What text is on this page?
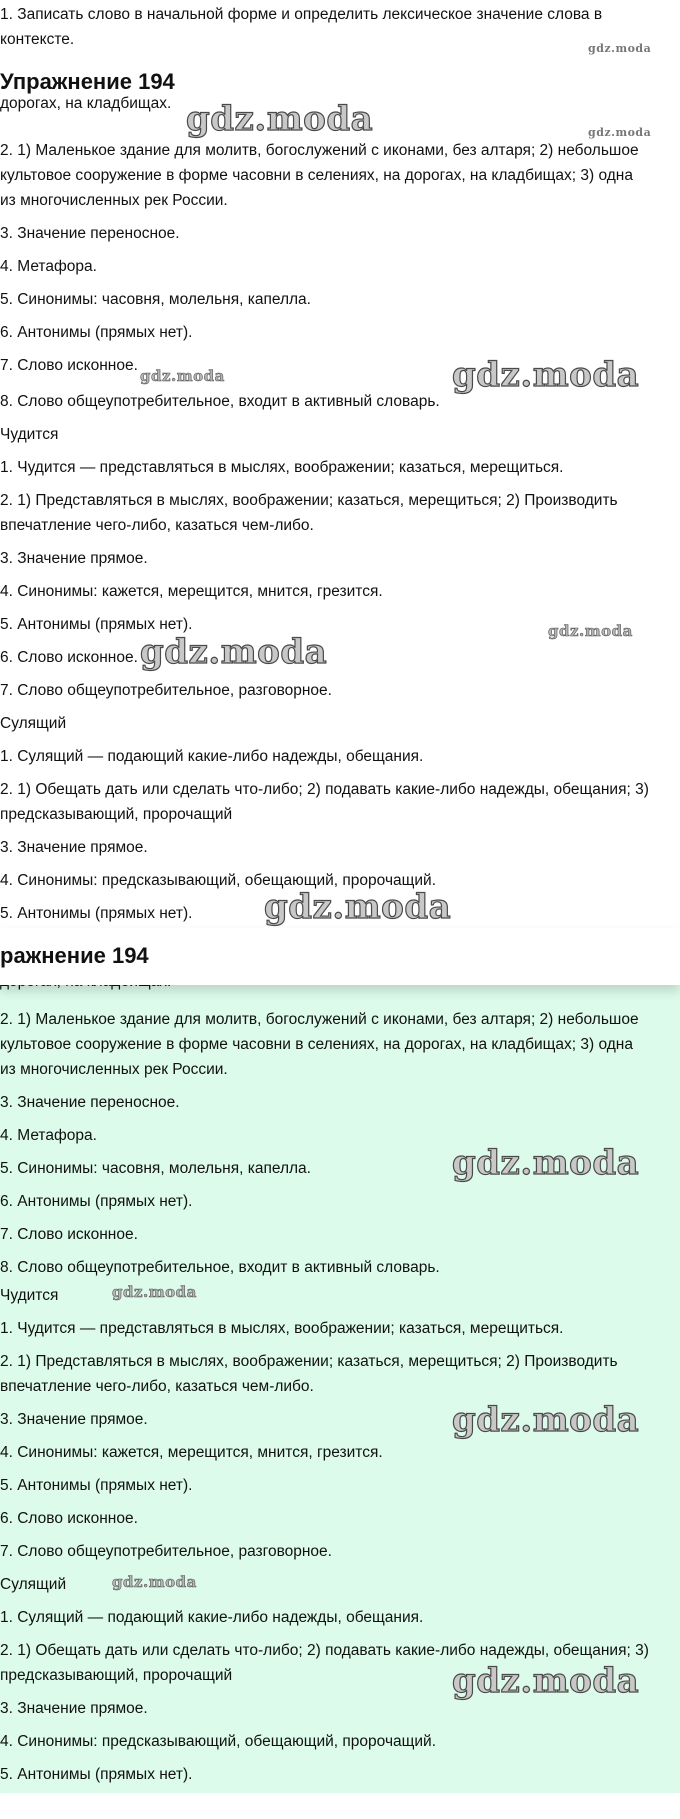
1. Записать слово в начальной форме и определить лексическое значение слова в

контексте.

Упражнение 194
дорогах, на кладбищах.

2. 1) Маленькое здание для молитв, богослужений с иконами, без алтаря; 2) небольшое

культовое сооружение в форме часовни в селениях, на дорогах, на кладбищах; 3) одна

из многочисленных рек России.

3. Значение переносное.

4. Метафора.

5. Синонимы: часовня, молельня, капелла.

6. Антонимы (прямых нет).

7. Слово исконное.

8. Слово общеупотребительное, входит в активный словарь.

Чудится

1. Чудится — представляться в мыслях, воображении; казаться, мерещиться.

2. 1) Представляться в мыслях, воображении; казаться, мерещиться; 2) Производить

впечатление чего-либо, казаться чем-либо.

3. Значение прямое.

4. Синонимы: кажется, мерещится, мнится, грезится.

5. Антонимы (прямых нет).

6. Слово исконное.

7. Слово общеупотребительное, разговорное.

Сулящий

1. Сулящий — подающий какие-либо надежды, обещания.

2. 1) Обещать дать или сделать что-либо; 2) подавать какие-либо надежды, обещания; 3)

предсказывающий, пророчащий

3. Значение прямое.

4. Синонимы: предсказывающий, обещающий, пророчащий.

5. Антонимы (прямых нет).
ражнение 194

2. 1) Маленькое здание для молитв, богослужений с иконами, без алтаря; 2) небольшое

культовое сооружение в форме часовни в селениях, на дорогах, на кладбищах; 3) одна

из многочисленных рек России.

3. Значение переносное.

4. Метафора.

5. Синонимы: часовня, молельня, капелла.

6. Антонимы (прямых нет).

7. Слово исконное.

8. Слово общеупотребительное, входит в активный словарь.

Чудится

1. Чудится — представляться в мыслях, воображении; казаться, мерещиться.

2. 1) Представляться в мыслях, воображении; казаться, мерещиться; 2) Производить

впечатление чего-либо, казаться чем-либо.

3. Значение прямое.

4. Синонимы: кажется, мерещится, мнится, грезится.

5. Антонимы (прямых нет).

6. Слово исконное.

7. Слово общеупотребительное, разговорное.

Сулящий

1. Сулящий — подающий какие-либо надежды, обещания.

2. 1) Обещать дать или сделать что-либо; 2) подавать какие-либо надежды, обещания; 3)

предсказывающий, пророчащий

3. Значение прямое.

4. Синонимы: предсказывающий, обещающий, пророчащий.

5. Антонимы (прямых нет).
gdz.moda
gdz.moda	gdz.moda
gdz.moda	gdz.moda
gdz.moda
gdz.moda
gdz.moda
gdz.moda
gdz.moda
gdz.moda
gdz.moda
gdz.moda
